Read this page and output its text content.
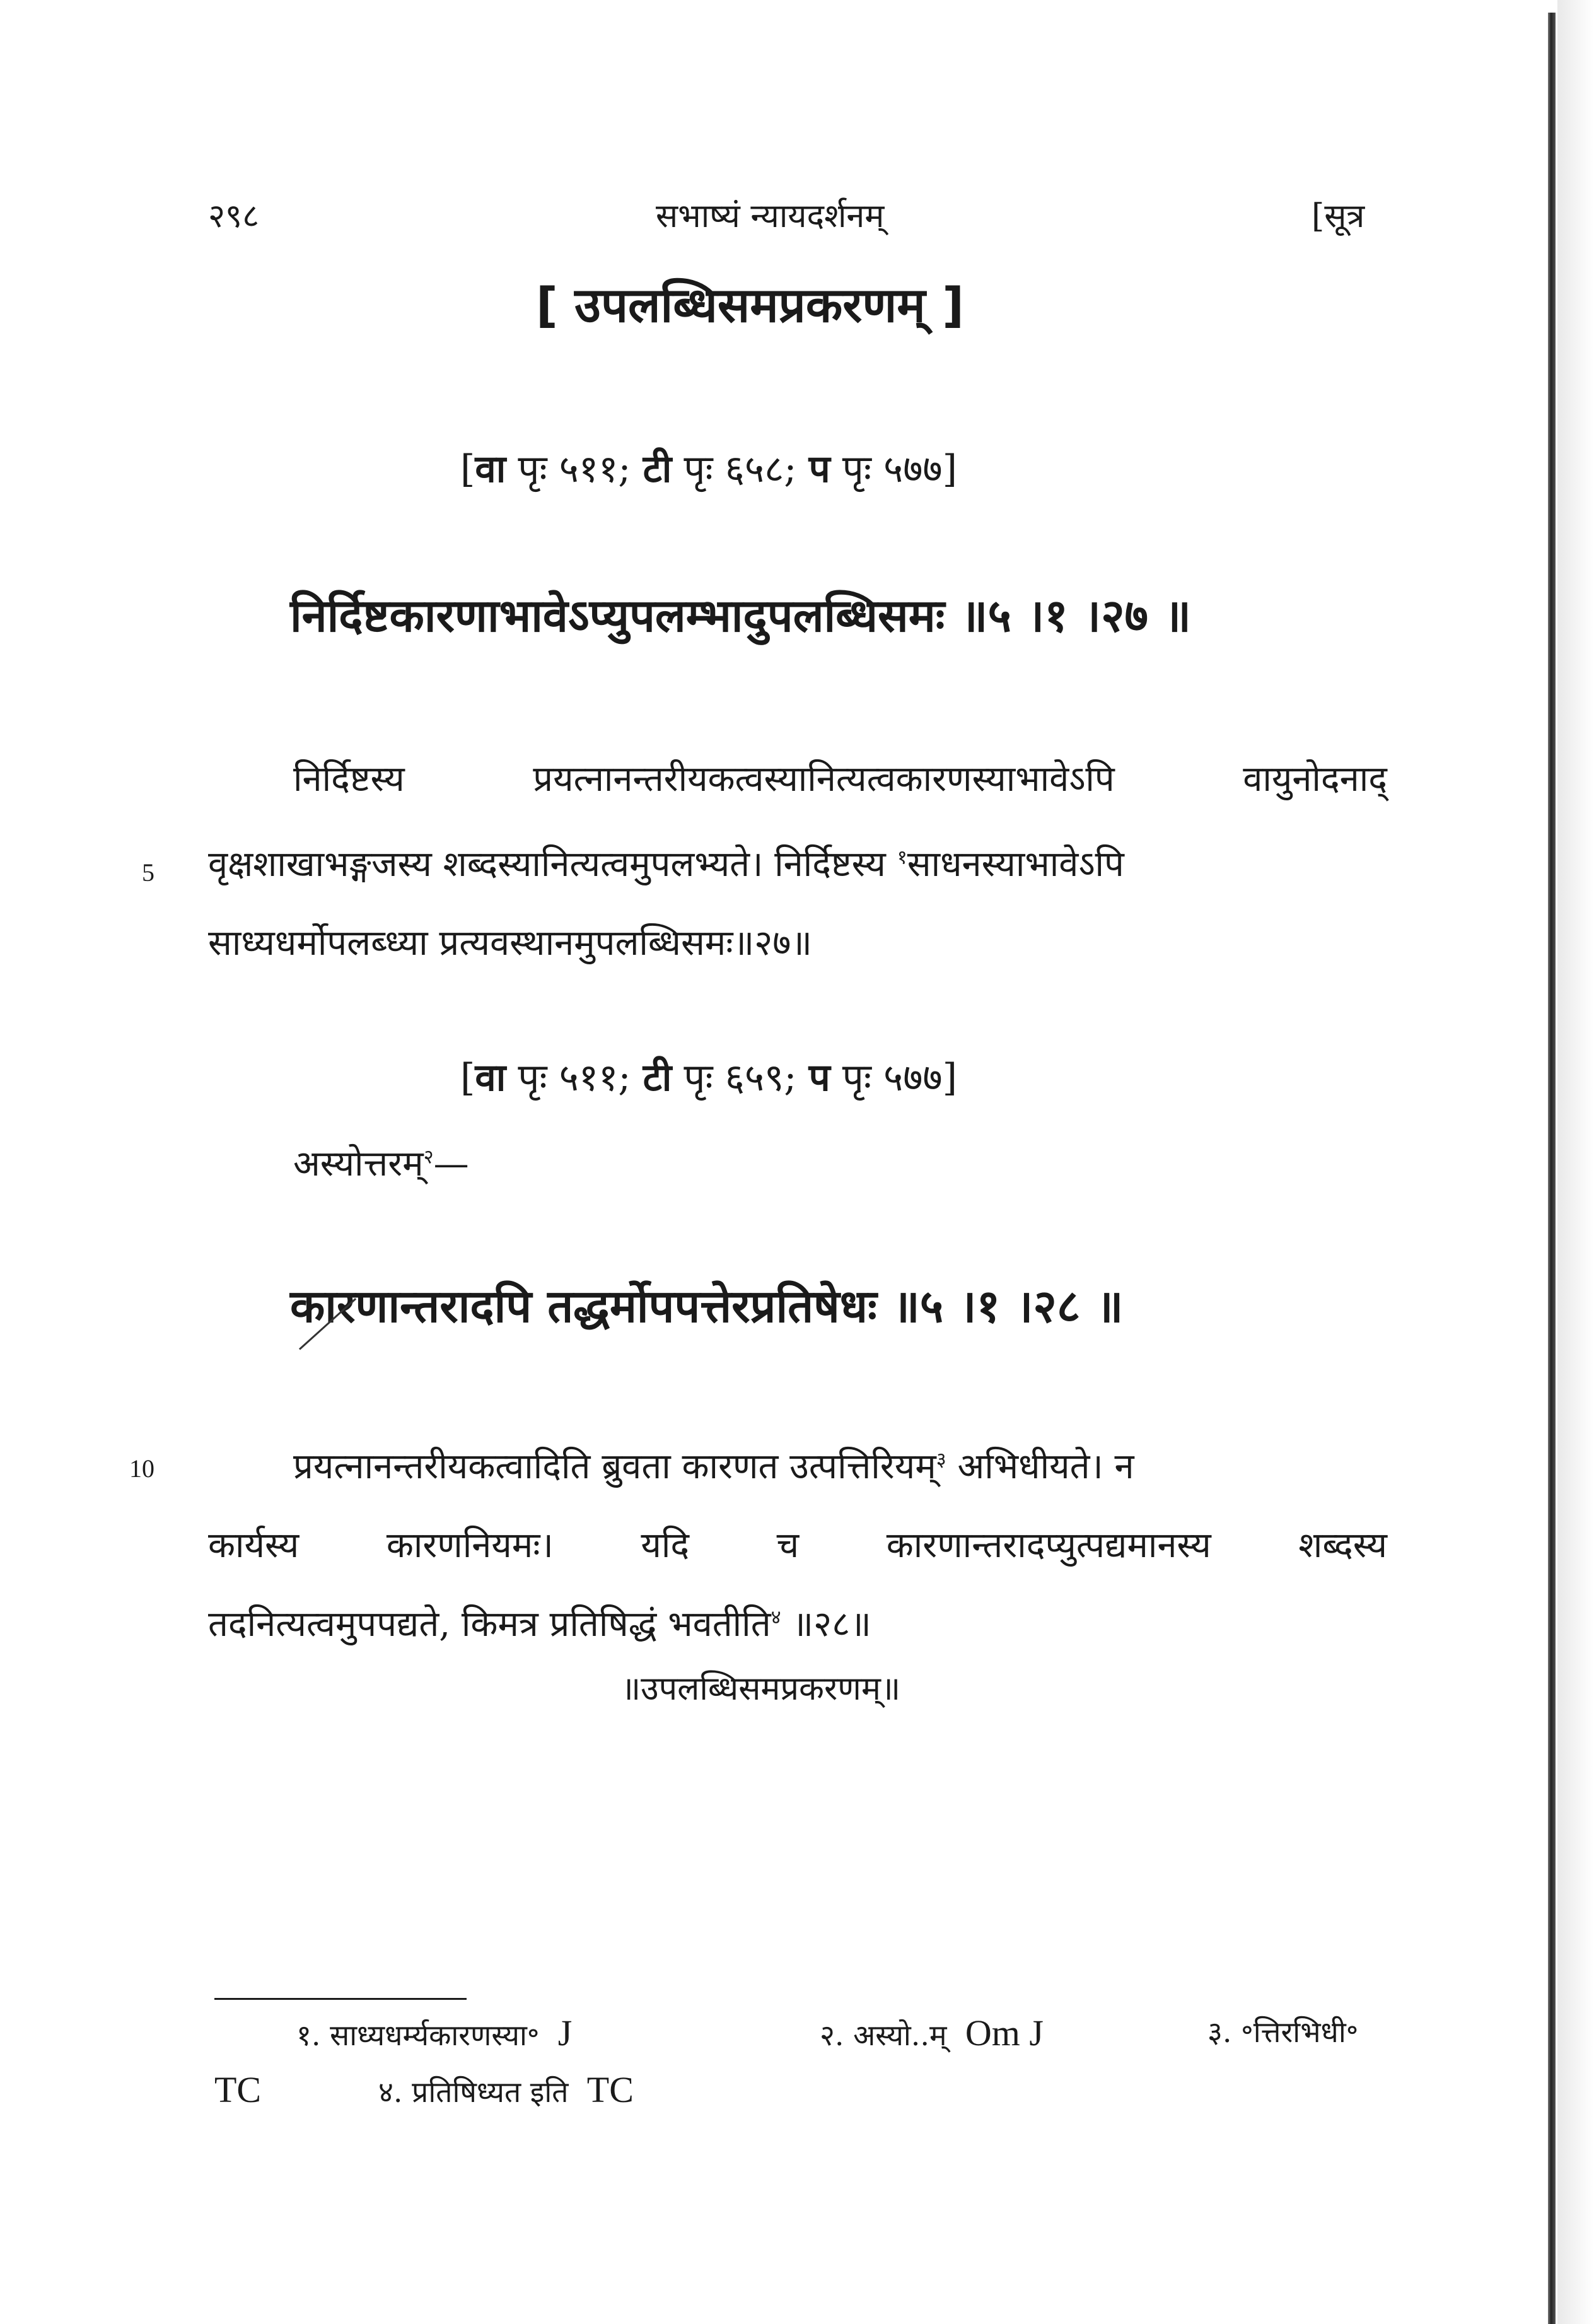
२९८	सभाष्यं न्यायदर्शनम्	[सूत्र
[ उपलब्धिसमप्रकरणम् ]
[वा पृः ५११; टी पृः ६५८; प पृः ५७७]
निर्दिष्टकारणाभावेऽप्युपलम्भादुपलब्धिसमः ॥५ ।१ ।२७ ॥
निर्दिष्टस्य प्रयत्नानन्तरीयकत्वस्यानित्यत्वकारणस्याभावेऽपि वायुनोदनाद्
5 वृक्षशाखाभङ्गजस्य शब्दस्यानित्यत्वमुपलभ्यते। निर्दिष्टस्य $^१$साधनस्याभावेऽपि
साध्यधर्मोपलब्ध्या प्रत्यवस्थानमुपलब्धिसमः॥२७॥
[वा पृः ५११; टी पृः ६५९; प पृः ५७७]
अस्योत्तरम्$^२$—
कारणान्तरादपि तद्धर्मोपपत्तेरप्रतिषेधः ॥५ ।१ ।२८ ॥
10	प्रयत्नानन्तरीयकत्वादिति ब्रुवता कारणत उत्पत्तिरियम्$^३$ अभिधीयते। न
कार्यस्य कारणनियमः। यदि च कारणान्तरादप्युत्पद्यमानस्य शब्दस्य
तदनित्यत्वमुपपद्यते, किमत्र प्रतिषिद्धं भवतीति$^४$ ॥२८॥
॥उपलब्धिसमप्रकरणम्॥
१. साध्यधर्म्यकारणस्या॰ J	२. अस्यो..म् Om J	३. ॰त्तिरभिधी॰
TC	४. प्रतिषिध्यत इति TC
